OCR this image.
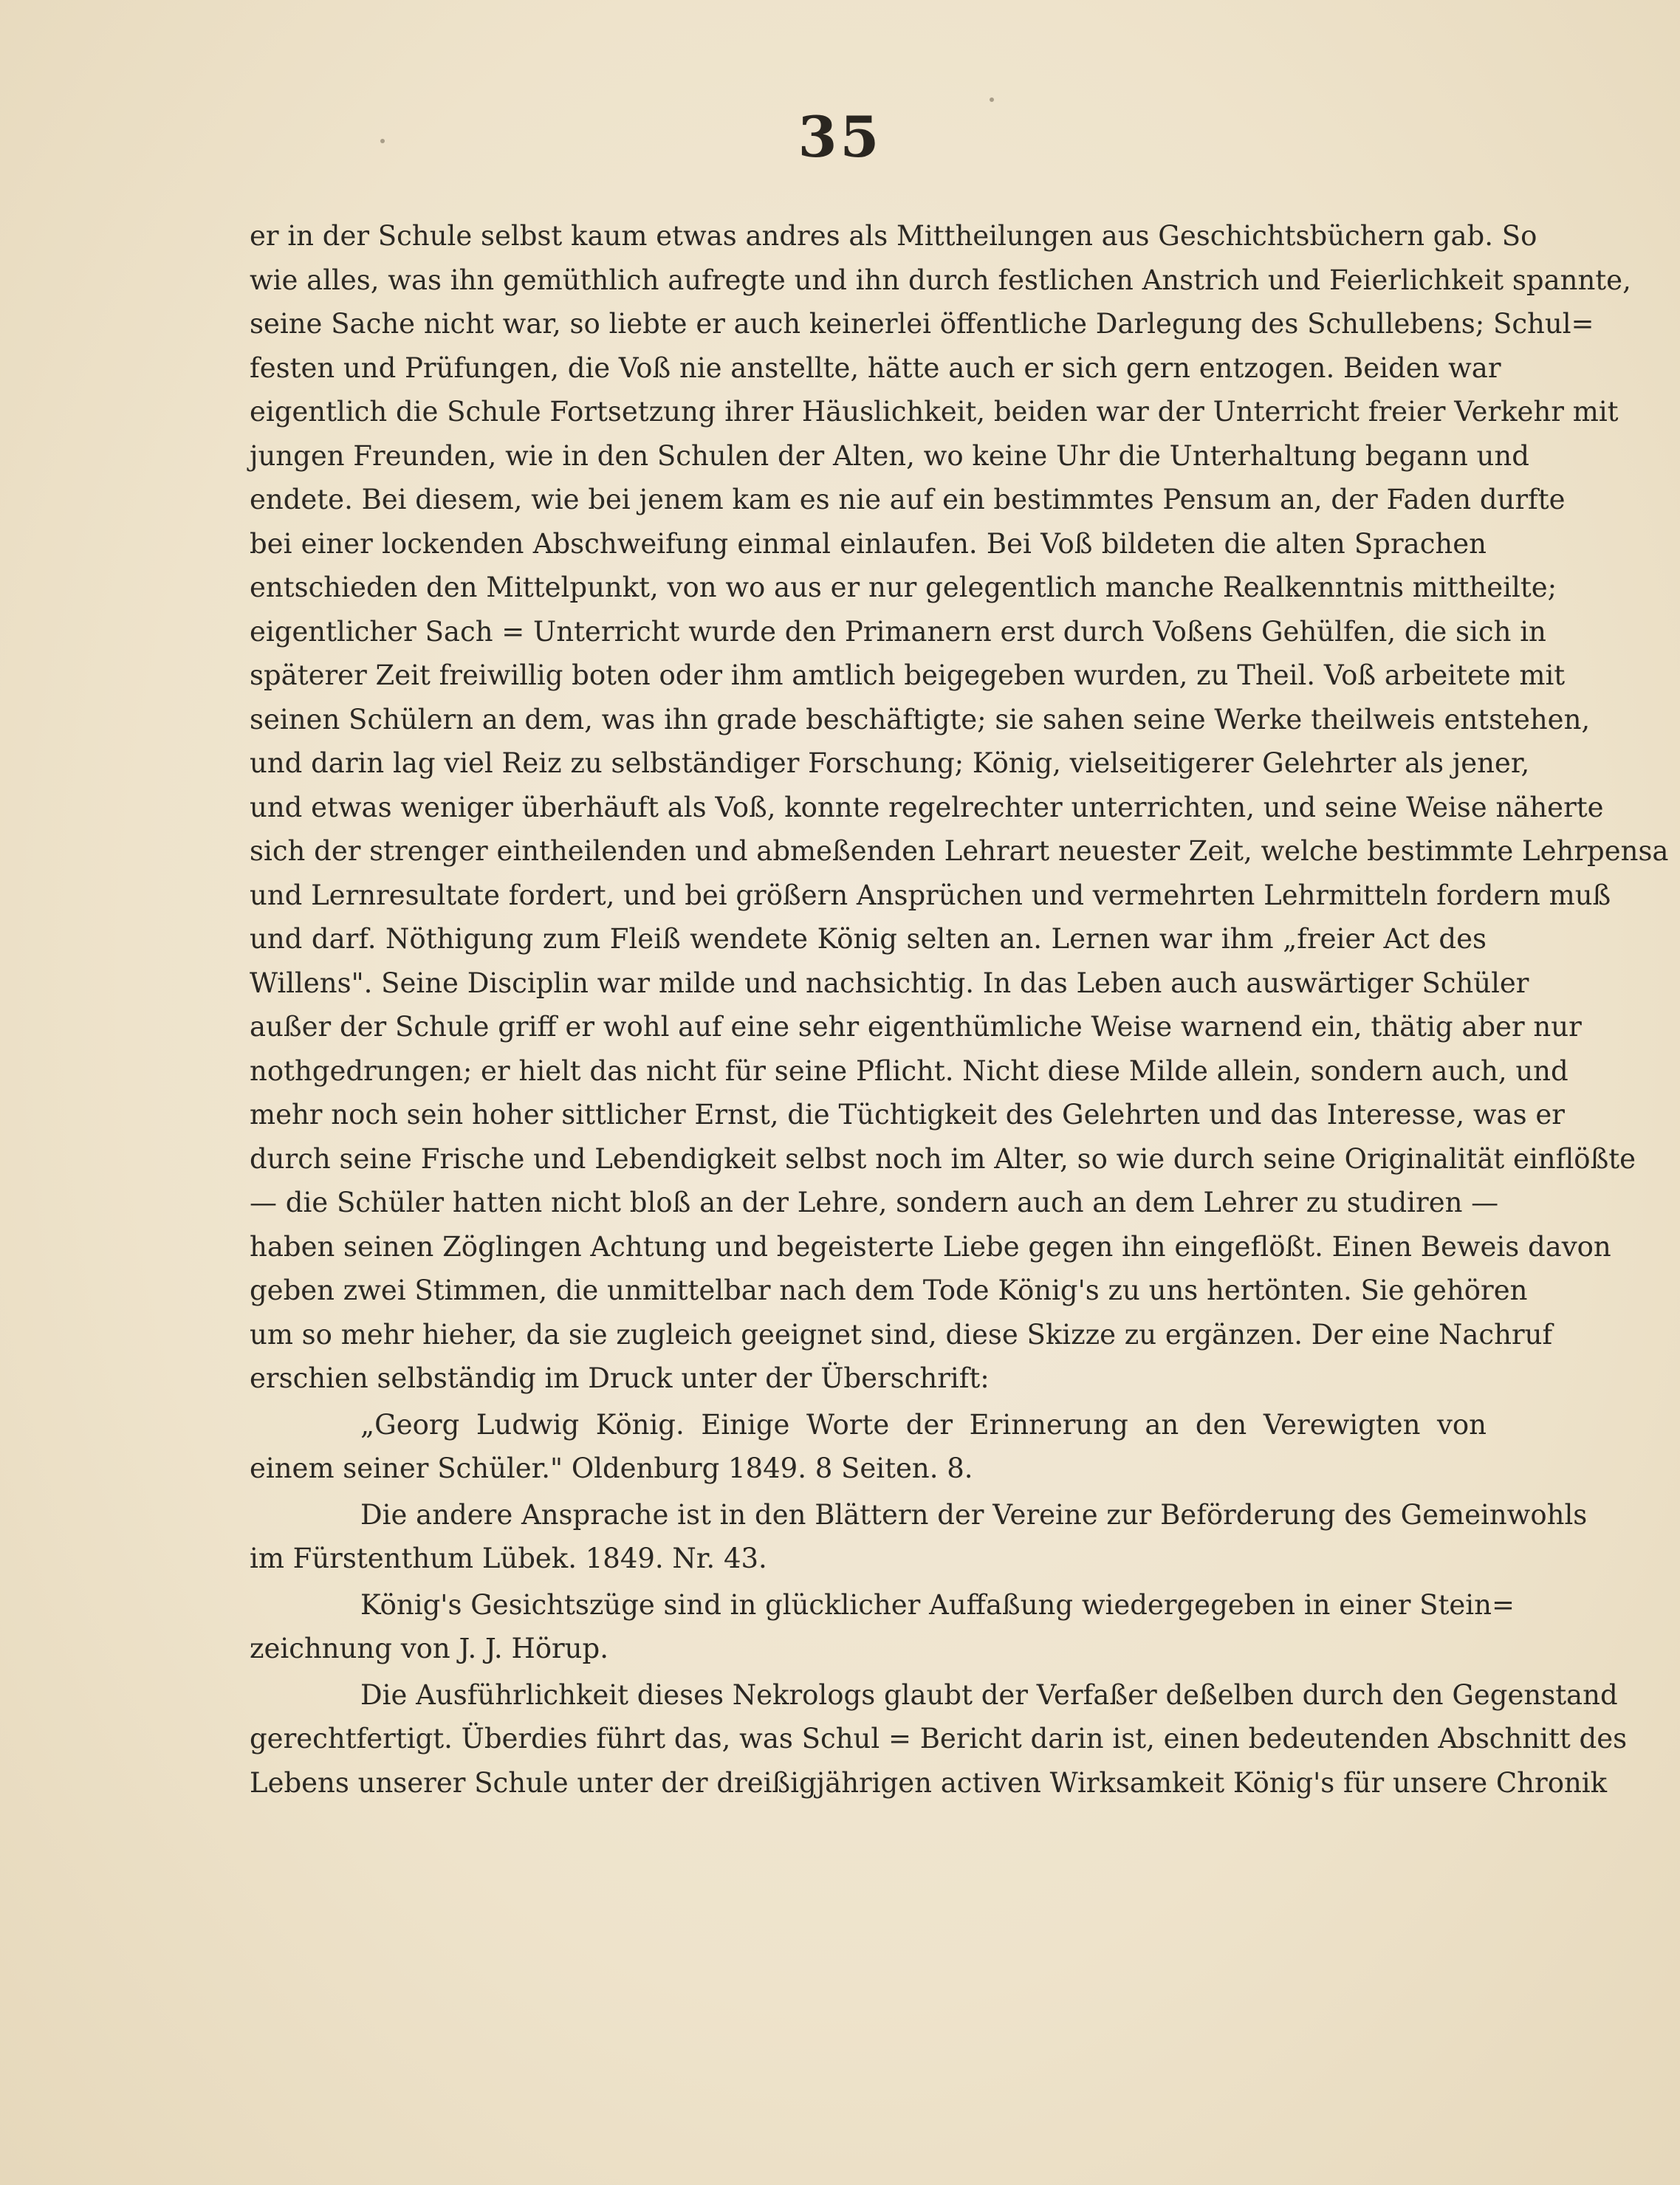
35
er in der Schule selbst kaum etwas andres als Mittheilungen aus Geschichtsbüchern gab. So
wie alles, was ihn gemüthlich aufregte und ihn durch festlichen Anstrich und Feierlichkeit spannte,
seine Sache nicht war, so liebte er auch keinerlei öffentliche Darlegung des Schullebens; Schul=
festen und Prüfungen, die Voß nie anstellte, hätte auch er sich gern entzogen. Beiden war
eigentlich die Schule Fortsetzung ihrer Häuslichkeit, beiden war der Unterricht freier Verkehr mit
jungen Freunden, wie in den Schulen der Alten, wo keine Uhr die Unterhaltung begann und
endete. Bei diesem, wie bei jenem kam es nie auf ein bestimmtes Pensum an, der Faden durfte
bei einer lockenden Abschweifung einmal einlaufen. Bei Voß bildeten die alten Sprachen
entschieden den Mittelpunkt, von wo aus er nur gelegentlich manche Realkenntnis mittheilte;
eigentlicher Sach = Unterricht wurde den Primanern erst durch Voßens Gehülfen, die sich in
späterer Zeit freiwillig boten oder ihm amtlich beigegeben wurden, zu Theil. Voß arbeitete mit
seinen Schülern an dem, was ihn grade beschäftigte; sie sahen seine Werke theilweis entstehen,
und darin lag viel Reiz zu selbständiger Forschung; König, vielseitigerer Gelehrter als jener,
und etwas weniger überhäuft als Voß, konnte regelrechter unterrichten, und seine Weise näherte
sich der strenger eintheilenden und abmeßenden Lehrart neuester Zeit, welche bestimmte Lehrpensa
und Lernresultate fordert, und bei größern Ansprüchen und vermehrten Lehrmitteln fordern muß
und darf. Nöthigung zum Fleiß wendete König selten an. Lernen war ihm „freier Act des
Willens". Seine Disciplin war milde und nachsichtig. In das Leben auch auswärtiger Schüler
außer der Schule griff er wohl auf eine sehr eigenthümliche Weise warnend ein, thätig aber nur
nothgedrungen; er hielt das nicht für seine Pflicht. Nicht diese Milde allein, sondern auch, und
mehr noch sein hoher sittlicher Ernst, die Tüchtigkeit des Gelehrten und das Interesse, was er
durch seine Frische und Lebendigkeit selbst noch im Alter, so wie durch seine Originalität einflößte
— die Schüler hatten nicht bloß an der Lehre, sondern auch an dem Lehrer zu studiren —
haben seinen Zöglingen Achtung und begeisterte Liebe gegen ihn eingeflößt. Einen Beweis davon
geben zwei Stimmen, die unmittelbar nach dem Tode König's zu uns hertönten. Sie gehören
um so mehr hieher, da sie zugleich geeignet sind, diese Skizze zu ergänzen. Der eine Nachruf
erschien selbständig im Druck unter der Überschrift:
„Georg Ludwig König. Einige Worte der Erinnerung an den Verewigten von
einem seiner Schüler." Oldenburg 1849. 8 Seiten. 8.
Die andere Ansprache ist in den Blättern der Vereine zur Beförderung des Gemeinwohls
im Fürstenthum Lübek. 1849. Nr. 43.
König's Gesichtszüge sind in glücklicher Auffaßung wiedergegeben in einer Stein=
zeichnung von J. J. Hörup.
Die Ausführlichkeit dieses Nekrologs glaubt der Verfaßer deßelben durch den Gegenstand
gerechtfertigt. Überdies führt das, was Schul = Bericht darin ist, einen bedeutenden Abschnitt des
Lebens unserer Schule unter der dreißigjährigen activen Wirksamkeit König's für unsere Chronik
